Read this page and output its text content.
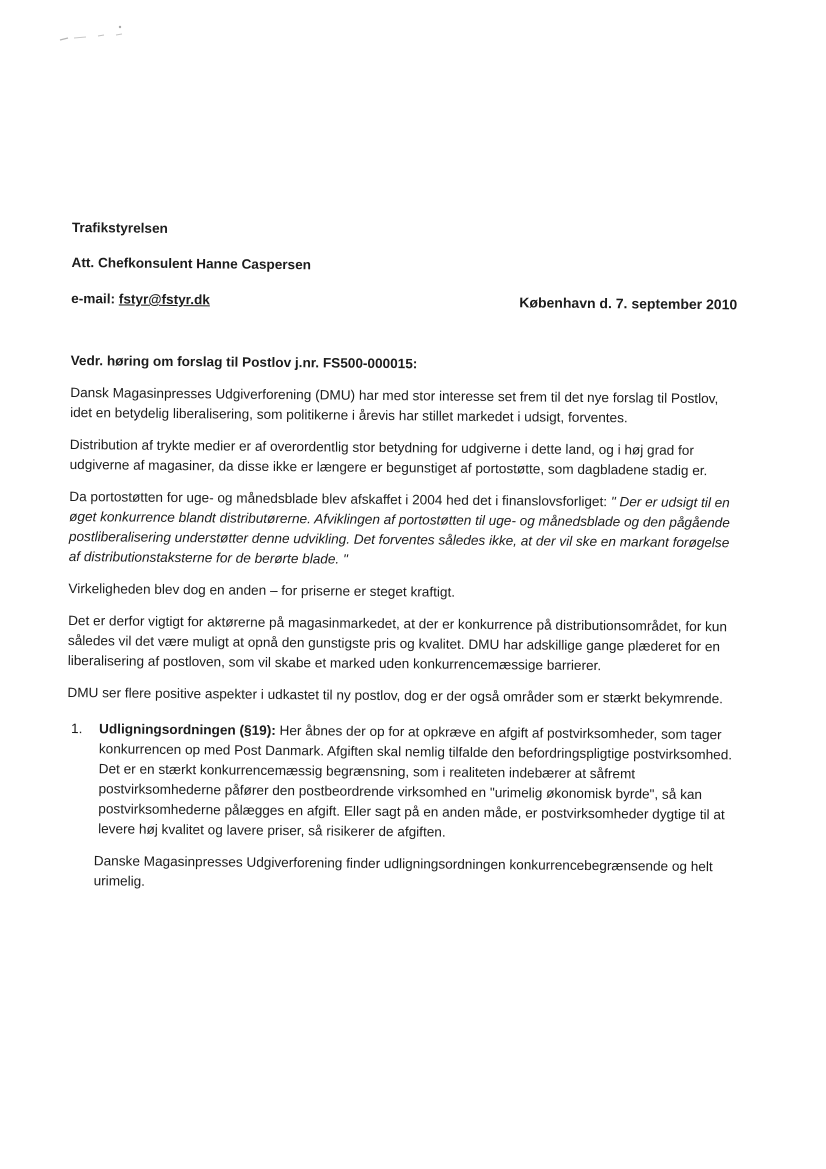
Trafikstyrelsen
Att. Chefkonsulent Hanne Caspersen
e-mail: fstyr@fstyr.dk	København d. 7. september 2010
Vedr. høring om forslag til Postlov j.nr. FS500-000015:

Dansk Magasinpresses Udgiverforening (DMU) har med stor interesse set frem til det nye forslag til Postlov, idet en betydelig liberalisering, som politikerne i årevis har stillet markedet i udsigt, forventes.

Distribution af trykte medier er af overordentlig stor betydning for udgiverne i dette land, og i høj grad for udgiverne af magasiner, da disse ikke er længere er begunstiget af portostøtte, som dagbladene stadig er.

Da portostøtten for uge- og månedsblade blev afskaffet i 2004 hed det i finanslovsforliget: " Der er udsigt til en øget konkurrence blandt distributørerne. Afviklingen af portostøtten til uge- og månedsblade og den pågående postliberalisering understøtter denne udvikling. Det forventes således ikke, at der vil ske en markant forøgelse af distributionstaksterne for de berørte blade. "

Virkeligheden blev dog en anden – for priserne er steget kraftigt.

Det er derfor vigtigt for aktørerne på magasinmarkedet, at der er konkurrence på distributionsområdet, for kun således vil det være muligt at opnå den gunstigste pris og kvalitet. DMU har adskillige gange plæderet for en liberalisering af postloven, som vil skabe et marked uden konkurrencemæssige barrierer.

DMU ser flere positive aspekter i udkastet til ny postlov, dog er der også områder som er stærkt bekymrende.

1.	Udligningsordningen (§19): Her åbnes der op for at opkræve en afgift af postvirksomheder, som tager konkurrencen op med Post Danmark. Afgiften skal nemlig tilfalde den befordringspligtige postvirksomhed. Det er en stærkt konkurrencemæssig begrænsning, som i realiteten indebærer at såfremt postvirksomhederne påfører den postbeordrende virksomhed en "urimelig økonomisk byrde", så kan postvirksomhederne pålægges en afgift. Eller sagt på en anden måde, er postvirksomheder dygtige til at levere høj kvalitet og lavere priser, så risikerer de afgiften.

Danske Magasinpresses Udgiverforening finder udligningsordningen konkurrencebegrænsende og helt urimelig.
